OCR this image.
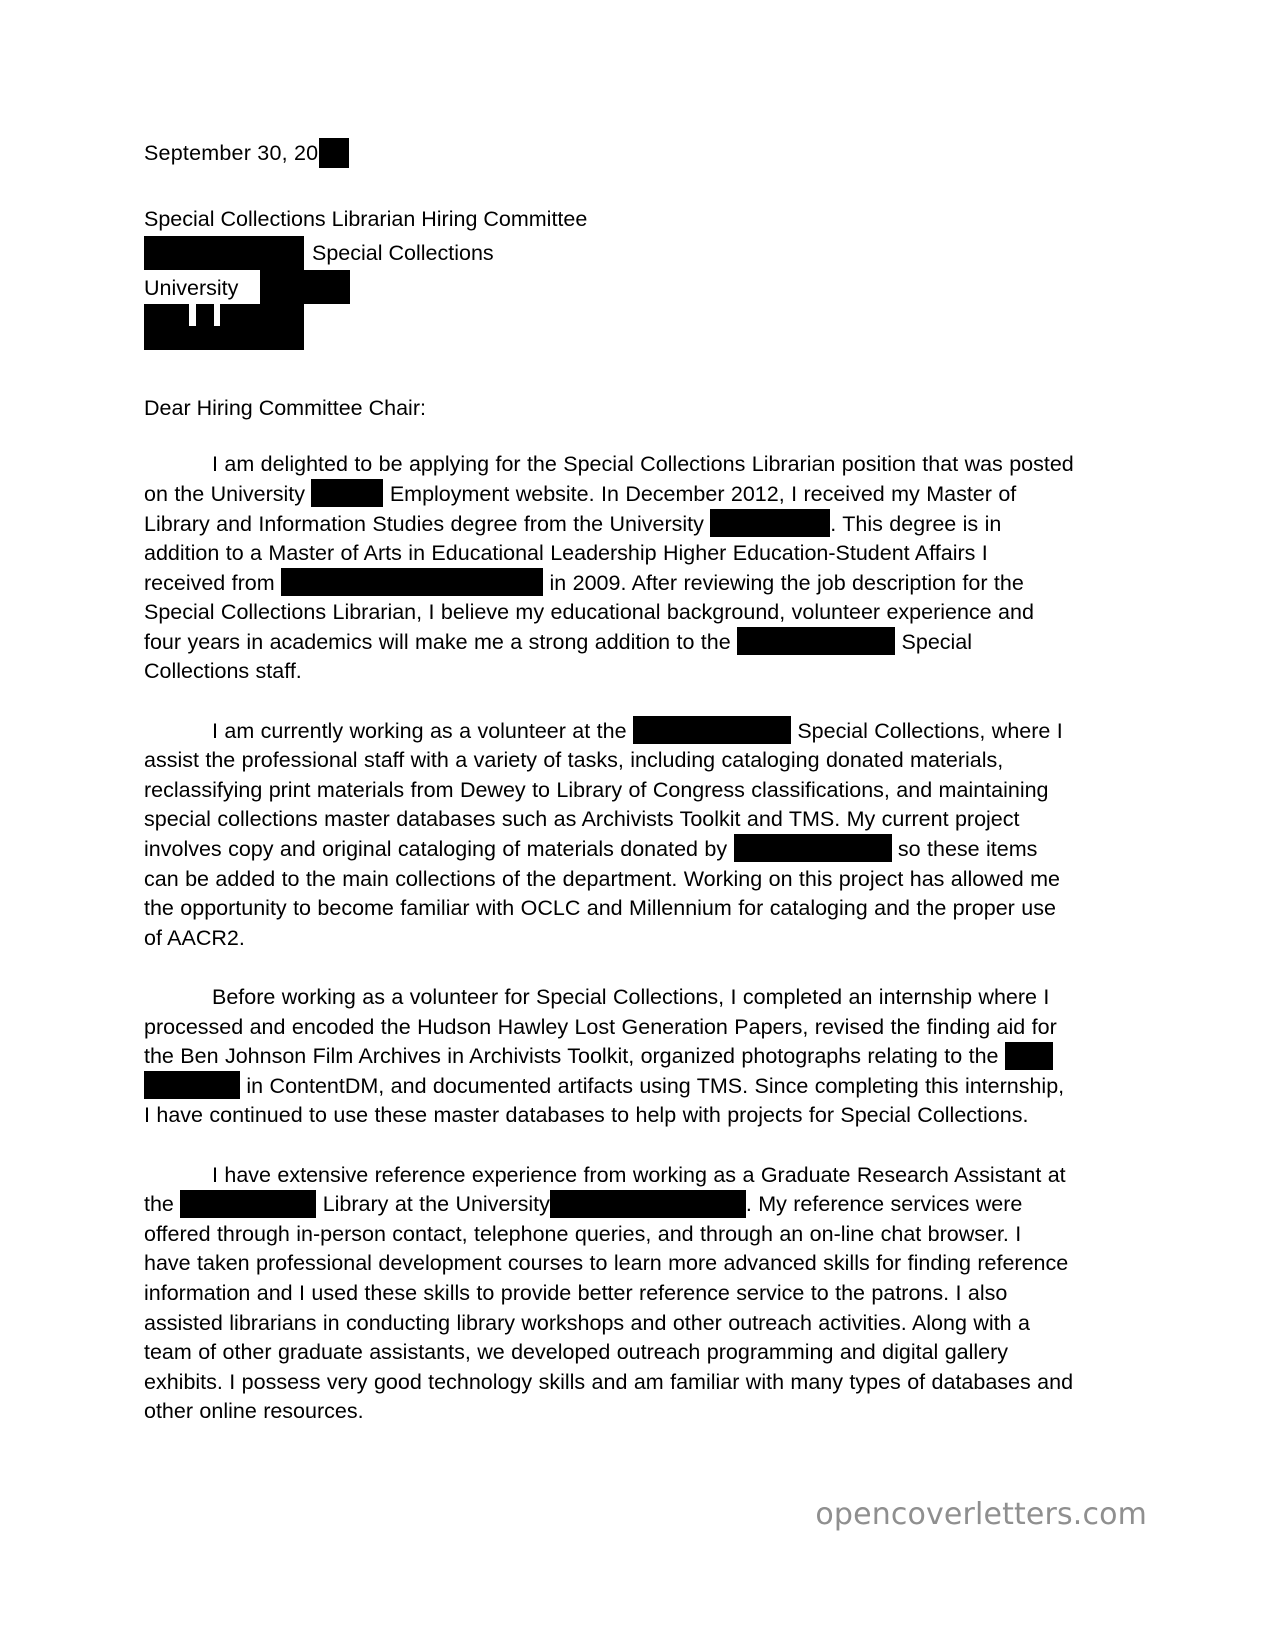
September 30, 20
Special Collections Librarian Hiring Committee
Special Collections
University
Dear Hiring Committee Chair:

I am delighted to be applying for the Special Collections Librarian position that was posted on the University	Employment website. In December 2012, I received my Master of Library and Information Studies degree from the University	. This degree is in addition to a Master of Arts in Educational Leadership Higher Education-Student Affairs I received from	in 2009. After reviewing the job description for the Special Collections Librarian, I believe my educational background, volunteer experience and four years in academics will make me a strong addition to the	Special Collections staff.

I am currently working as a volunteer at the	Special Collections, where I assist the professional staff with a variety of tasks, including cataloging donated materials, reclassifying print materials from Dewey to Library of Congress classifications, and maintaining special collections master databases such as Archivists Toolkit and TMS. My current project involves copy and original cataloging of materials donated by	so these items can be added to the main collections of the department. Working on this project has allowed me the opportunity to become familiar with OCLC and Millennium for cataloging and the proper use of AACR2.

Before working as a volunteer for Special Collections, I completed an internship where I processed and encoded the Hudson Hawley Lost Generation Papers, revised the finding aid for the Ben Johnson Film Archives in Archivists Toolkit, organized photographs relating to the  in ContentDM, and documented artifacts using TMS. Since completing this internship, I have continued to use these master databases to help with projects for Special Collections.

I have extensive reference experience from working as a Graduate Research Assistant at the	Library at the University	. My reference services were offered through in-person contact, telephone queries, and through an on-line chat browser. I have taken professional development courses to learn more advanced skills for finding reference information and I used these skills to provide better reference service to the patrons. I also assisted librarians in conducting library workshops and other outreach activities. Along with a team of other graduate assistants, we developed outreach programming and digital gallery exhibits. I possess very good technology skills and am familiar with many types of databases and other online resources.

opencoverletters.com
